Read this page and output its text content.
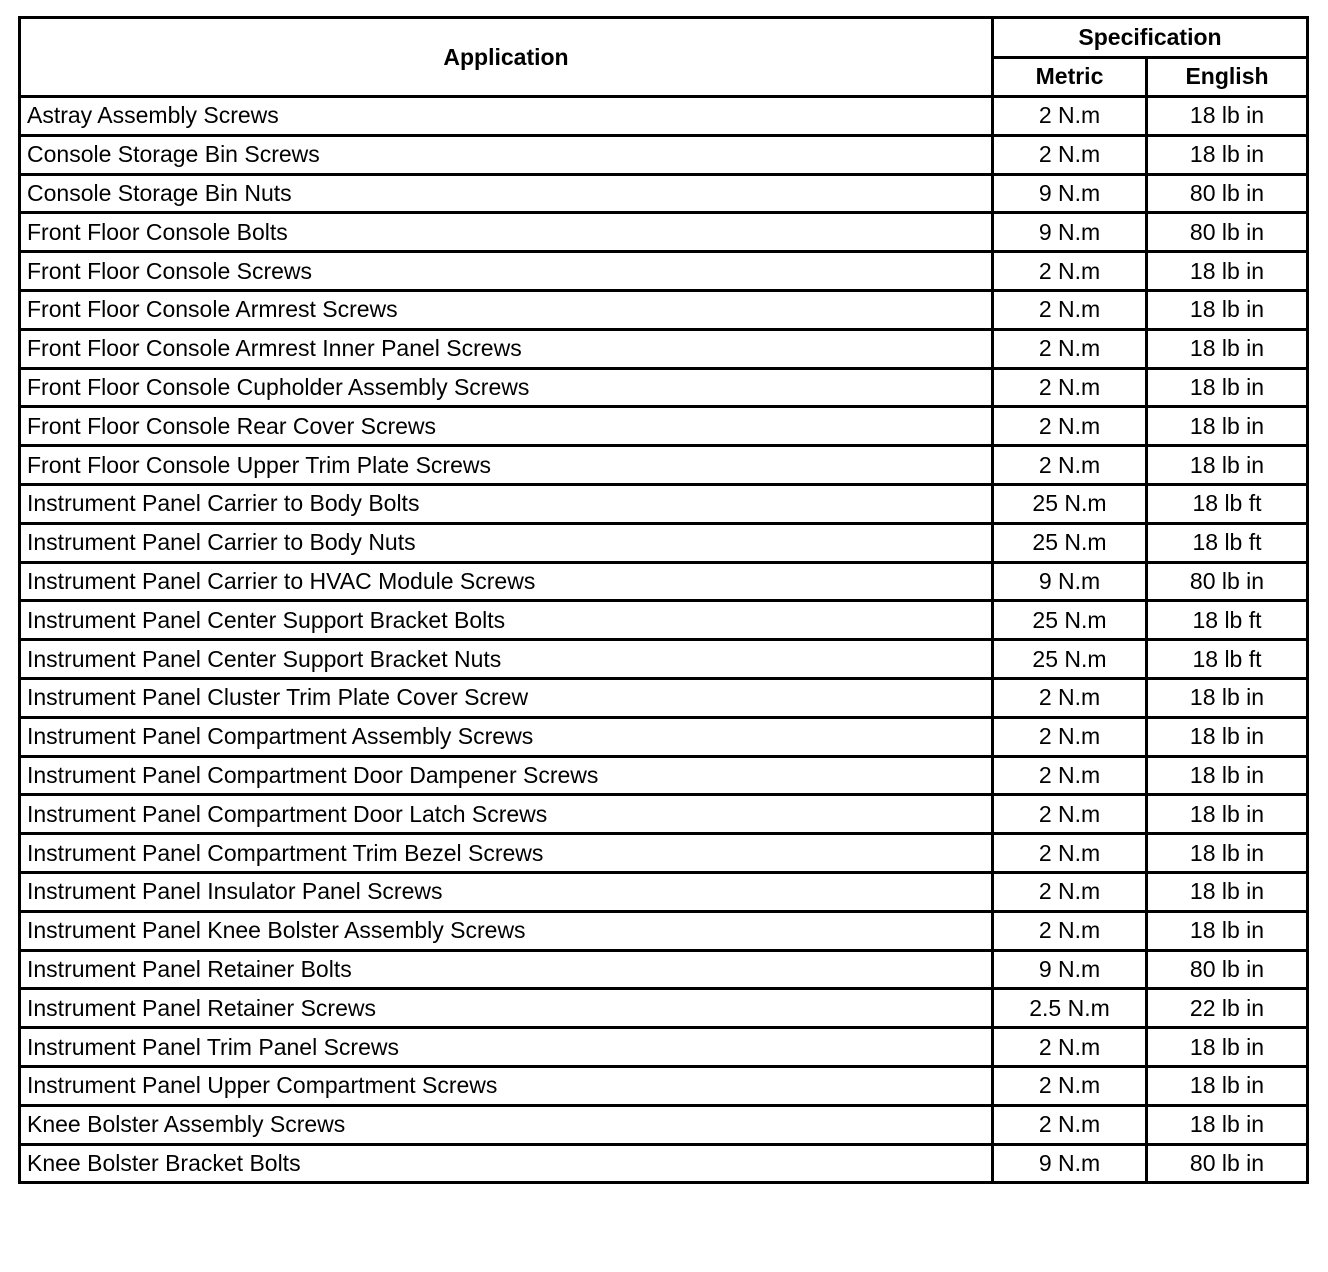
Application	Specification	
	Metric	English
Astray Assembly Screws	2 N.m	18 lb in
Console Storage Bin Screws	2 N.m	18 lb in
Console Storage Bin Nuts	9 N.m	80 lb in
Front Floor Console Bolts	9 N.m	80 lb in
Front Floor Console Screws	2 N.m	18 lb in
Front Floor Console Armrest Screws	2 N.m	18 lb in
Front Floor Console Armrest Inner Panel Screws	2 N.m	18 lb in
Front Floor Console Cupholder Assembly Screws	2 N.m	18 lb in
Front Floor Console Rear Cover Screws	2 N.m	18 lb in
Front Floor Console Upper Trim Plate Screws	2 N.m	18 lb in
Instrument Panel Carrier to Body Bolts	25 N.m	18 lb ft
Instrument Panel Carrier to Body Nuts	25 N.m	18 lb ft
Instrument Panel Carrier to HVAC Module Screws	9 N.m	80 lb in
Instrument Panel Center Support Bracket Bolts	25 N.m	18 lb ft
Instrument Panel Center Support Bracket Nuts	25 N.m	18 lb ft
Instrument Panel Cluster Trim Plate Cover Screw	2 N.m	18 lb in
Instrument Panel Compartment Assembly Screws	2 N.m	18 lb in
Instrument Panel Compartment Door Dampener Screws	2 N.m	18 lb in
Instrument Panel Compartment Door Latch Screws	2 N.m	18 lb in
Instrument Panel Compartment Trim Bezel Screws	2 N.m	18 lb in
Instrument Panel Insulator Panel Screws	2 N.m	18 lb in
Instrument Panel Knee Bolster Assembly Screws	2 N.m	18 lb in
Instrument Panel Retainer Bolts	9 N.m	80 lb in
Instrument Panel Retainer Screws	2.5 N.m	22 lb in
Instrument Panel Trim Panel Screws	2 N.m	18 lb in
Instrument Panel Upper Compartment Screws	2 N.m	18 lb in
Knee Bolster Assembly Screws	2 N.m	18 lb in
Knee Bolster Bracket Bolts	9 N.m	80 lb in
